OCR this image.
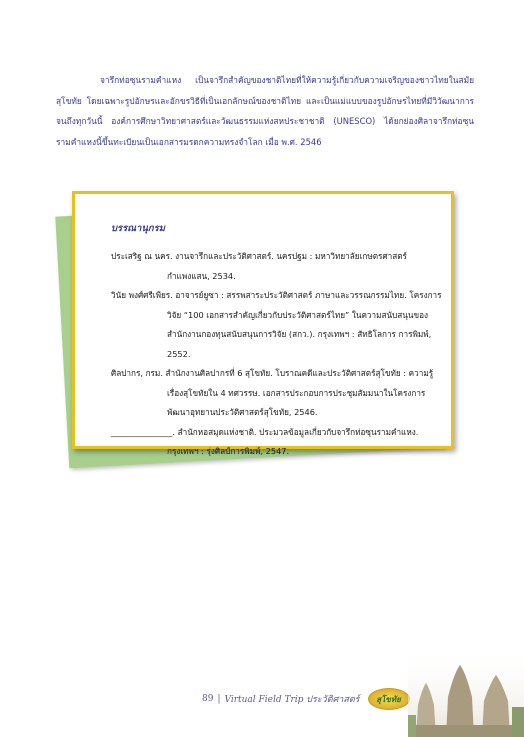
จารึกท่อซุนรามคำแหง เป็นจารึกสำคัญของชาติไทยที่ให้ความรู้เกี่ยวกับความเจริญของชาวไทยในสมัยสุโขทัย โดยเฉพาะรูปอักษรและอักขรวิธีที่เป็นเอกลักษณ์ของชาติไทย และเป็นแม่แบบของรูปอักษรไทยที่มีวิวัฒนาการจนถึงทุกวันนี้ องค์การศึกษาวิทยาศาสตร์และวัฒนธรรมแห่งสหประชาชาติ (UNESCO) ได้ยกย่องศิลาจารึกท่อซุนรามคำแหงนี้ขึ้นทะเบียนเป็นเอกสารมรดกความทรงจำโลก เมื่อ พ.ศ. 2546

บรรณานุกรม

ประเสริฐ ณ นคร. งานจารึกและประวัติศาสตร์. นครปฐม : มหาวิทยาลัยเกษตรศาสตร์ กำแพงแสน, 2534.
วินัย พงศ์ศรีเพียร. อาจารย์ยูซา : สรรพสาระประวัติศาสตร์ ภาษาและวรรณกรรมไทย. โครงการวิจัย “100 เอกสารสำคัญเกี่ยวกับประวัติศาสตร์ไทย” ในความสนับสนุนของสำนักงานกองทุนสนับสนุนการวิจัย (สกว.). กรุงเทพฯ : สัทธิโลการ การพิมพ์, 2552.
ศิลปากร, กรม. สำนักงานศิลปากรที่ 6 สุโขทัย. โบราณคดีและประวัติศาสตร์สุโขทัย : ความรู้เรื่องสุโขทัยใน 4 ทศวรรษ. เอกสารประกอบการประชุมสัมมนาในโครงการพัฒนาอุทยานประวัติศาสตร์สุโขทัย, 2546.
_______________. สำนักหอสมุดแห่งชาติ. ประมวลข้อมูลเกี่ยวกับจารึกท่อซุนรามคำแหง. กรุงเทพฯ : รุ่งศิลป์การพิมพ์, 2547.
89 | Virtual Field Trip ประวัติศาสตร์ สุโขทัย
